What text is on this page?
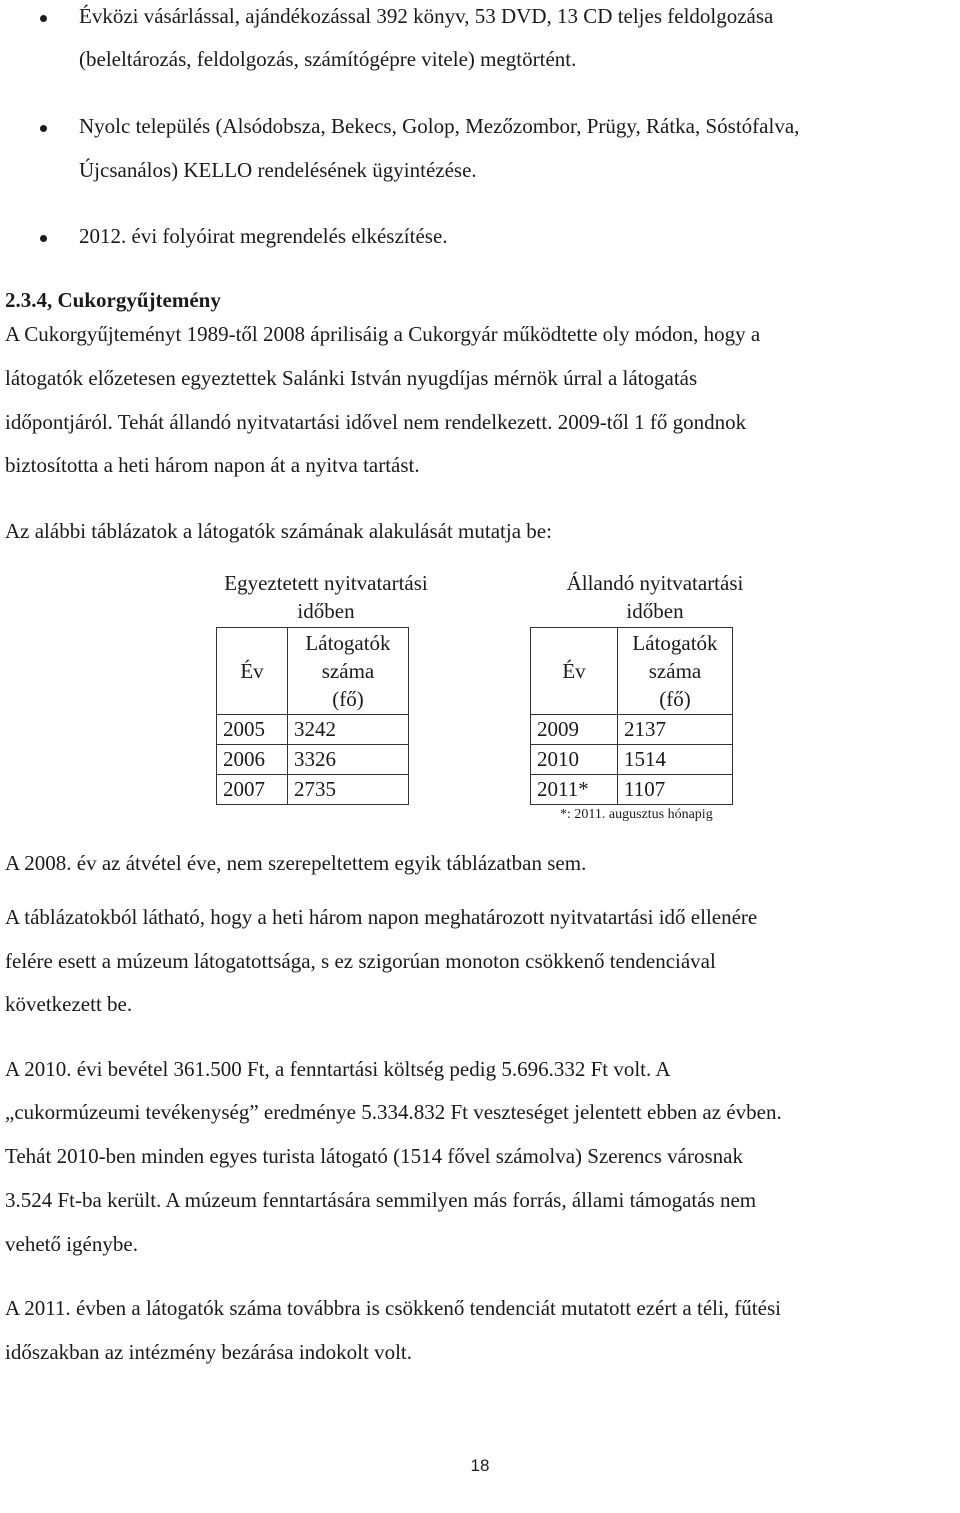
Évközi vásárlással, ajándékozással 392 könyv, 53 DVD, 13 CD teljes feldolgozása
(beleltározás, feldolgozás, számítógépre vitele) megtörtént.
Nyolc település (Alsódobsza, Bekecs, Golop, Mezőzombor, Prügy, Rátka, Sóstófalva,
Újcsanálos) KELLO rendelésének ügyintézése.
2012. évi folyóirat megrendelés elkészítése.
2.3.4, Cukorgyűjtemény
A Cukorgyűjteményt 1989-től 2008 áprilisáig a Cukorgyár működtette oly módon, hogy a
látogatók előzetesen egyeztettek Salánki István nyugdíjas mérnök úrral a látogatás
időpontjáról. Tehát állandó nyitvatartási idővel nem rendelkezett. 2009-től 1 fő gondnok
biztosította a heti három napon át a nyitva tartást.
Az alábbi táblázatok a látogatók számának alakulását mutatja be:
Egyeztetett nyitvatartási
időben
Év	Látogatók
száma
(fő)

2005	3242
2006	3326
2007	2735
Állandó nyitvatartási
időben
Év	Látogatók
száma
(fő)

2009	2137
2010	1514
2011*	1107
*: 2011. augusztus hónapig
A 2008. év az átvétel éve, nem szerepeltettem egyik táblázatban sem.
A táblázatokból látható, hogy a heti három napon meghatározott nyitvatartási idő ellenére
felére esett a múzeum látogatottsága, s ez szigorúan monoton csökkenő tendenciával
következett be.
A 2010. évi bevétel 361.500 Ft, a fenntartási költség pedig 5.696.332 Ft volt. A
„cukormúzeumi tevékenység” eredménye 5.334.832 Ft veszteséget jelentett ebben az évben.
Tehát 2010-ben minden egyes turista látogató (1514 fővel számolva) Szerencs városnak
3.524 Ft-ba került. A múzeum fenntartására semmilyen más forrás, állami támogatás nem
vehető igénybe.
A 2011. évben a látogatók száma továbbra is csökkenő tendenciát mutatott ezért a téli, fűtési
időszakban az intézmény bezárása indokolt volt.
18
